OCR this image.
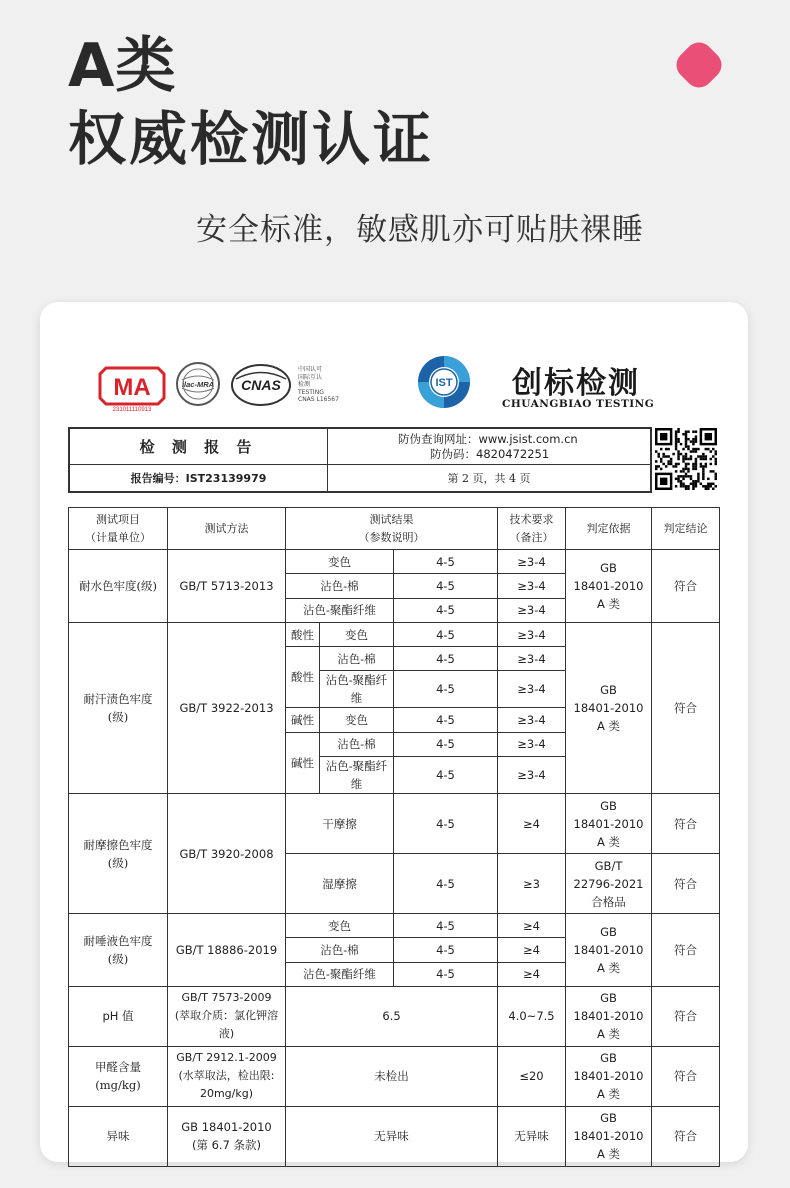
A类
权威检测认证
安全标准，敏感肌亦可贴肤裸睡
MA
231011110913
ilac-MRA CNAS
中国认可
国际互认
检测
TESTING
CNAS L16567
IST 创标检测
CHUANGBIAO TESTING
检 测 报 告	防伪查询网址：www.jsist.com.cn
防伪码：4820472251
报告编号：IST23139979	第 2 页，共 4 页
测试项目
（计量单位）	测试方法	测试结果
（参数说明）			技术要求
（备注）	判定依据	判定结论
耐水色牢度(级)	GB/T 5713-2013	变色		4-5	≥3-4	GB
18401-2010
A 类	符合
		沾色-棉		4-5	≥3-4		
		沾色-聚酯纤维		4-5	≥3-4		
耐汗渍色牢度
(级)	GB/T 3922-2013	酸性	变色	4-5	≥3-4	GB
18401-2010
A 类	符合
		酸性	沾色-棉	4-5	≥3-4		
			沾色-聚酯纤维	4-5	≥3-4		
		碱性	变色	4-5	≥3-4		
		碱性	沾色-棉	4-5	≥3-4		
			沾色-聚酯纤维	4-5	≥3-4		
耐摩擦色牢度
(级)	GB/T 3920-2008	干摩擦		4-5	≥4	GB
18401-2010
A 类	符合
		湿摩擦		4-5	≥3	GB/T
22796-2021
合格品	符合
耐唾液色牢度
(级)	GB/T 18886-2019	变色		4-5	≥4	GB
18401-2010
A 类	符合
		沾色-棉		4-5	≥4		
		沾色-聚酯纤维		4-5	≥4		
pH 值	GB/T 7573-2009
(萃取介质：氯化钾溶
液)	6.5			4.0~7.5	GB
18401-2010
A 类	符合
甲醛含量
(mg/kg)	GB/T 2912.1-2009
(水萃取法，检出限:
20mg/kg)	未检出			≤20	GB
18401-2010
A 类	符合
异味	GB 18401-2010
(第 6.7 条款)	无异味			无异味	GB
18401-2010
A 类	符合
